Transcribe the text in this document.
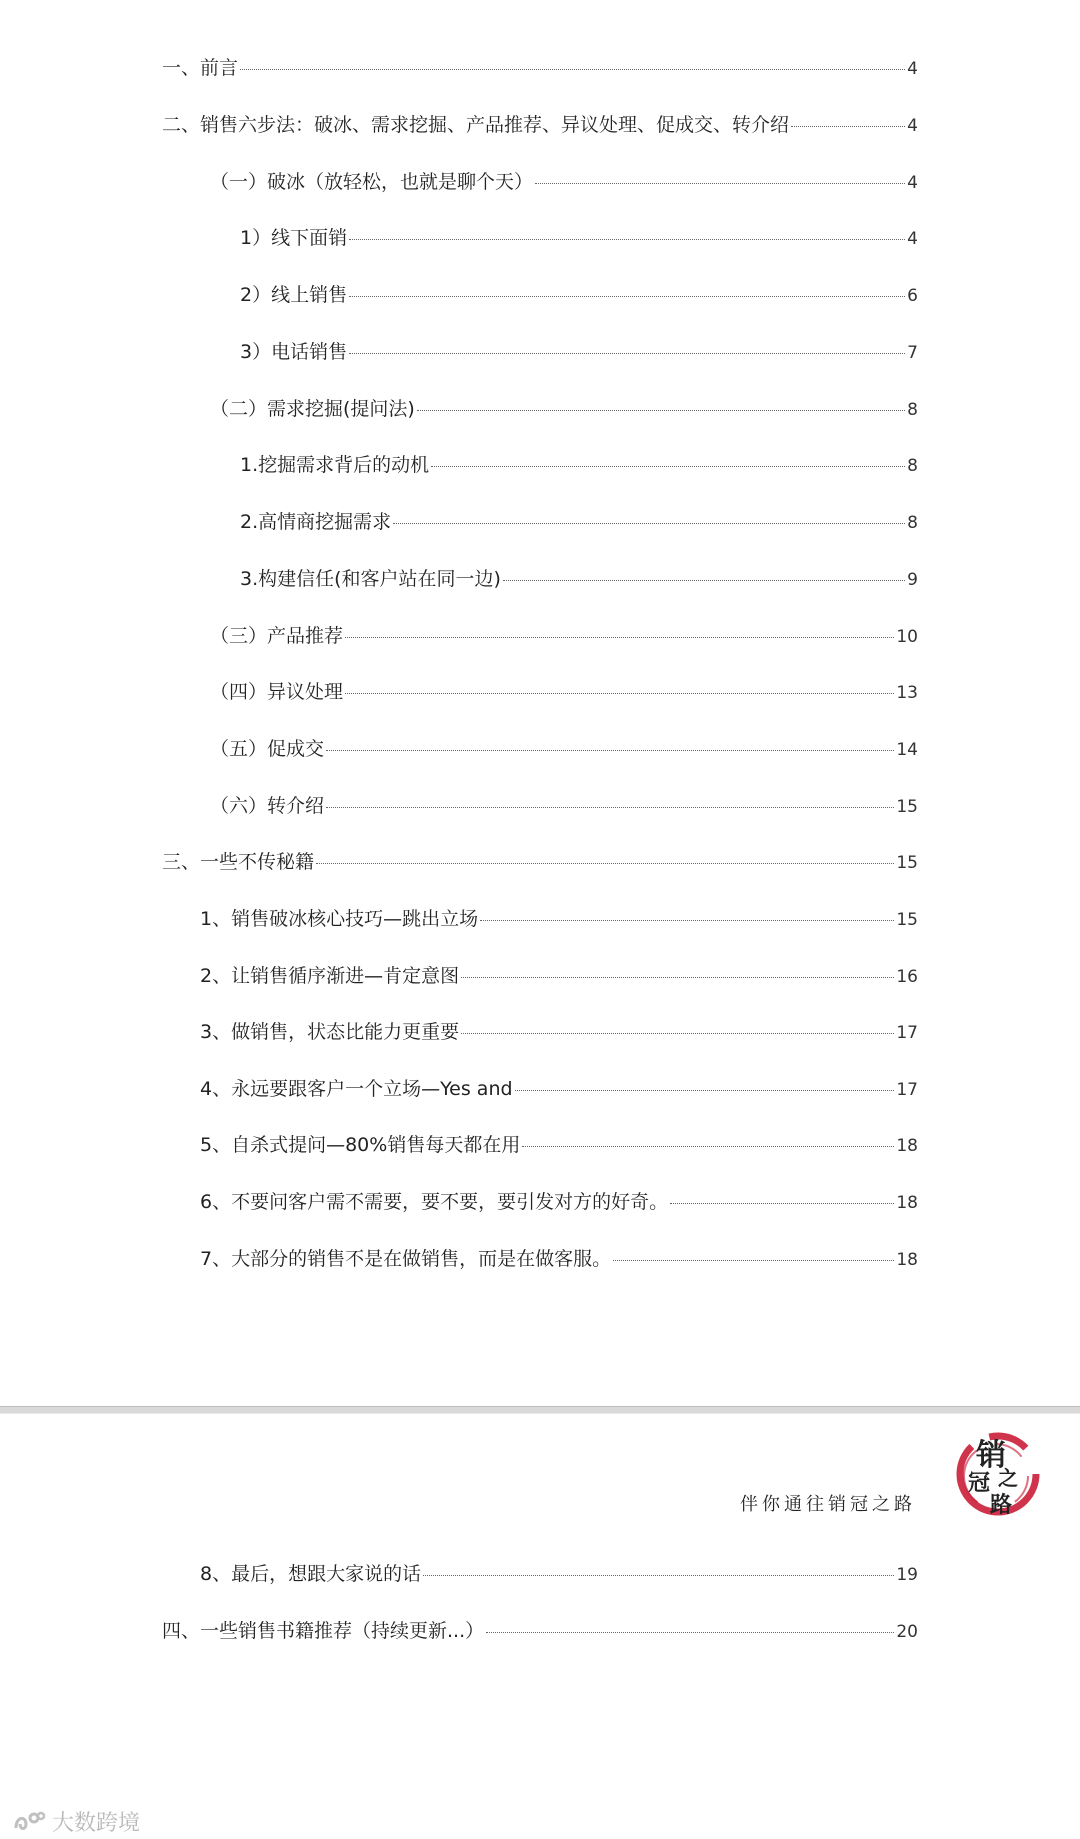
一、前言	4
二、销售六步法：破冰、需求挖掘、产品推荐、异议处理、促成交、转介绍	4
（一）破冰（放轻松，也就是聊个天）	4
1）线下面销	4
2）线上销售	6
3）电话销售	7
（二）需求挖掘(提问法)	8
1.挖掘需求背后的动机	8
2.高情商挖掘需求	8
3.构建信任(和客户站在同一边)	9
（三）产品推荐	10
（四）异议处理	13
（五）促成交	14
（六）转介绍	15
三、一些不传秘籍	15
1、销售破冰核心技巧—跳出立场	15
2、让销售循序渐进—肯定意图	16
3、做销售，状态比能力更重要	17
4、永远要跟客户一个立场—Yes and	17
5、自杀式提问—80%销售每天都在用	18
6、不要问客户需不需要，要不要，要引发对方的好奇。	18
7、大部分的销售不是在做销售，而是在做客服。	18
伴你通往销冠之路
销
冠 之
路
8、最后，想跟大家说的话	19
四、一些销售书籍推荐（持续更新...）	20
大数跨境
